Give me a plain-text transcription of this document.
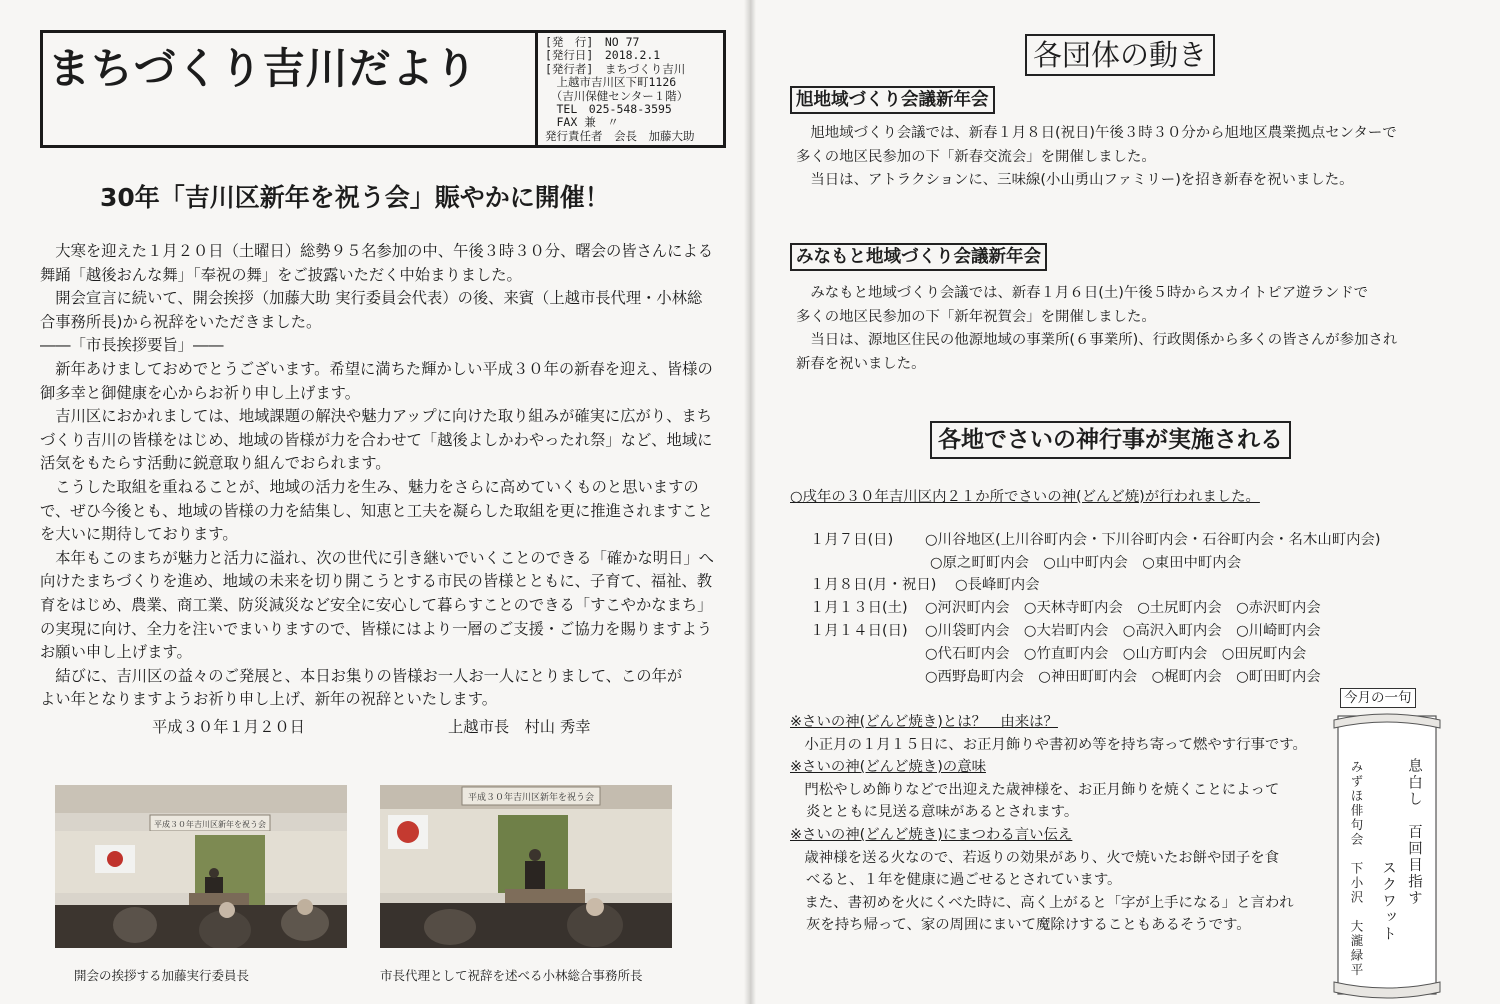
まちづくり吉川だより
[発　行]　NO 77
[発行日]　2018.2.1
[発行者]　まちづくり吉川
　上越市吉川区下町1126
　（吉川保健センター１階）
　TEL　025-548-3595
　FAX 兼　〃
発行責任者　会長　加藤大助
30年「吉川区新年を祝う会」賑やかに開催！
　大寒を迎えた１月２０日（土曜日）総勢９５名参加の中、午後３時３０分、曙会の皆さんによる
舞踊「越後おんな舞」「奉祝の舞」をご披露いただく中始まりました。
　開会宣言に続いて、開会挨拶（加藤大助 実行委員会代表）の後、来賓（上越市長代理・小林総
合事務所長)から祝辞をいただきました。
――「市長挨拶要旨」――
　新年あけましておめでとうございます。希望に満ちた輝かしい平成３０年の新春を迎え、皆様の
御多幸と御健康を心からお祈り申し上げます。
　吉川区におかれましては、地域課題の解決や魅力アップに向けた取り組みが確実に広がり、まち
づくり吉川の皆様をはじめ、地域の皆様が力を合わせて「越後よしかわやったれ祭」など、地域に
活気をもたらす活動に鋭意取り組んでおられます。
　こうした取組を重ねることが、地域の活力を生み、魅力をさらに高めていくものと思いますの
で、ぜひ今後とも、地域の皆様の力を結集し、知恵と工夫を凝らした取組を更に推進されますこと
を大いに期待しております。
　本年もこのまちが魅力と活力に溢れ、次の世代に引き継いでいくことのできる「確かな明日」へ
向けたまちづくりを進め、地域の未来を切り開こうとする市民の皆様とともに、子育て、福祉、教
育をはじめ、農業、商工業、防災減災など安全に安心して暮らすことのできる「すこやかなまち」
の実現に向け、全力を注いでまいりますので、皆様にはより一層のご支援・ご協力を賜りますよう
お願い申し上げます。
　結びに、吉川区の益々のご発展と、本日お集りの皆様お一人お一人にとりまして、この年が
よい年となりますようお祈り申し上げ、新年の祝辞といたします。
平成３０年１月２０日	上越市長　村山 秀幸
平成３０年吉川区新年を祝う会
平成３０年吉川区新年を祝う会
開会の挨拶する加藤実行委員長	市長代理として祝辞を述べる小林総合事務所長
各団体の動き
旭地域づくり会議新年会
　旭地域づくり会議では、新春１月８日(祝日)午後３時３０分から旭地区農業拠点センターで
多くの地区民参加の下「新春交流会」を開催しました。
　当日は、アトラクションに、三味線(小山勇山ファミリー)を招き新春を祝いました。
みなもと地域づくり会議新年会
　みなもと地域づくり会議では、新春１月６日(土)午後５時からスカイトピア遊ランドで
多くの地区民参加の下「新年祝賀会」を開催しました。
　当日は、源地区住民の他源地域の事業所(６事業所)、行政関係から多くの皆さんが参加され
新春を祝いました。
各地でさいの神行事が実施される
○戌年の３０年吉川区内２１か所でさいの神(どんど焼)が行われました。
１月７日(日) ○川谷地区(上川谷町内会・下川谷町内会・石谷町内会・名木山町内会)
○原之町町内会　○山中町内会　○東田中町内会
１月８日(月・祝日) ○長峰町内会
１月１３日(土) ○河沢町内会　○天林寺町内会　○土尻町内会　○赤沢町内会
１月１４日(日) ○川袋町内会　○大岩町内会　○高沢入町内会　○川崎町内会
○代石町内会　○竹直町内会　○山方町内会　○田尻町内会
○西野島町内会　○神田町町内会　○梶町内会　○町田町内会
※さいの神(どんど焼き)とは？　由来は？
　小正月の１月１５日に、お正月飾りや書初め等を持ち寄って燃やす行事です。
※さいの神(どんど焼き)の意味
　門松やしめ飾りなどで出迎えた歳神様を、お正月飾りを焼くことによって
炎とともに見送る意味があるとされます。
※さいの神(どんど焼き)にまつわる言い伝え
　歳神様を送る火なので、若返りの効果があり、火で焼いたお餅や団子を食
べると、１年を健康に過ごせるとされています。
　また、書初めを火にくべた時に、高く上がると「字が上手になる」と言われ
灰を持ち帰って、家の周囲にまいて魔除けすることもあるそうです。
今月の一句
息白し　百回目指す
スクワット
みずほ俳句会　下小沢　大瀧緑平
